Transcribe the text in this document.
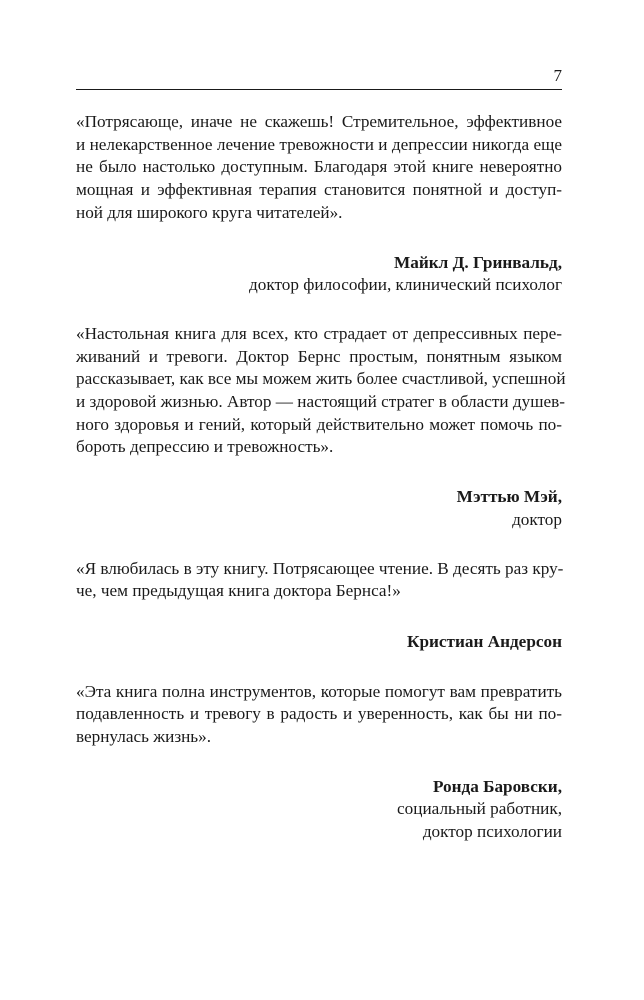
7

«Потрясающе, иначе не скажешь! Стремительное, эффективное
и нелекарственное лечение тревожности и депрессии никогда еще
не было настолько доступным. Благодаря этой книге невероятно
мощная и эффективная терапия становится понятной и доступ-
ной для широкого круга читателей».

Майкл Д. Гринвальд,
доктор философии, клинический психолог

«Настольная книга для всех, кто страдает от депрессивных пере-
живаний и тревоги. Доктор Бернс простым, понятным языком
рассказывает, как все мы можем жить более счастливой, успешной
и здоровой жизнью. Автор — настоящий стратег в области душев-
ного здоровья и гений, который действительно может помочь по-
бороть депрессию и тревожность».

Мэттью Мэй,
доктор

«Я влюбилась в эту книгу. Потрясающее чтение. В десять раз кру-
че, чем предыдущая книга доктора Бернса!»

Кристиан Андерсон

«Эта книга полна инструментов, которые помогут вам превратить
подавленность и тревогу в радость и уверенность, как бы ни по-
вернулась жизнь».

Ронда Баровски,
социальный работник,
доктор психологии
